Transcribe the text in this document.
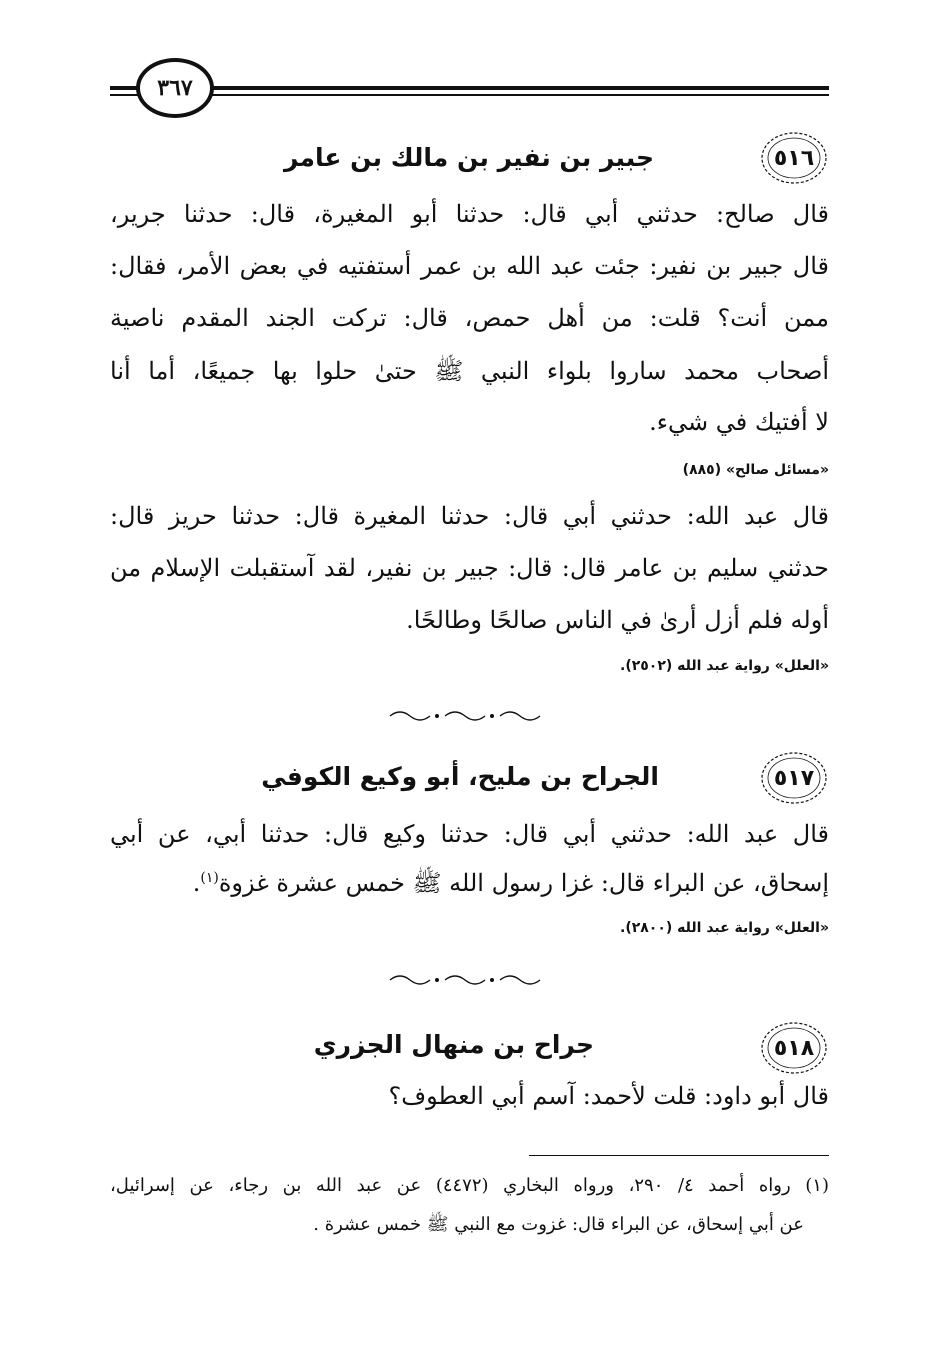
٣٦٧
٥١٦
جبير بن نفير بن مالك بن عامر
قال صالح: حدثني أبي قال: حدثنا أبو المغيرة، قال: حدثنا جرير،
قال جبير بن نفير: جئت عبد الله بن عمر أستفتيه في بعض الأمر، فقال:
ممن أنت؟ قلت: من أهل حمص، قال: تركت الجند المقدم ناصية
أصحاب محمد ساروا بلواء النبي ﷺ حتىٰ حلوا بها جميعًا، أما أنا
لا أفتيك في شيء.
«مسائل صالح» (٨٨٥)
قال عبد الله: حدثني أبي قال: حدثنا المغيرة قال: حدثنا حريز قال:
حدثني سليم بن عامر قال: قال: جبير بن نفير، لقد آستقبلت الإسلام من
أوله فلم أزل أرىٰ في الناس صالحًا وطالحًا.
«العلل» رواية عبد الله (٢٥٠٢).
٥١٧
الجراح بن مليح، أبو وكيع الكوفي
قال عبد الله: حدثني أبي قال: حدثنا وكيع قال: حدثنا أبي، عن أبي
إسحاق، عن البراء قال: غزا رسول الله ﷺ خمس عشرة غزوة$^{(١)}$.
«العلل» رواية عبد الله (٢٨٠٠).
٥١٨
جراح بن منهال الجزري
قال أبو داود: قلت لأحمد: آسم أبي العطوف؟
(١) رواه أحمد ٤/ ٢٩٠، ورواه البخاري (٤٤٧٢) عن عبد الله بن رجاء، عن إسرائيل،
عن أبي إسحاق، عن البراء قال: غزوت مع النبي ﷺ خمس عشرة .
